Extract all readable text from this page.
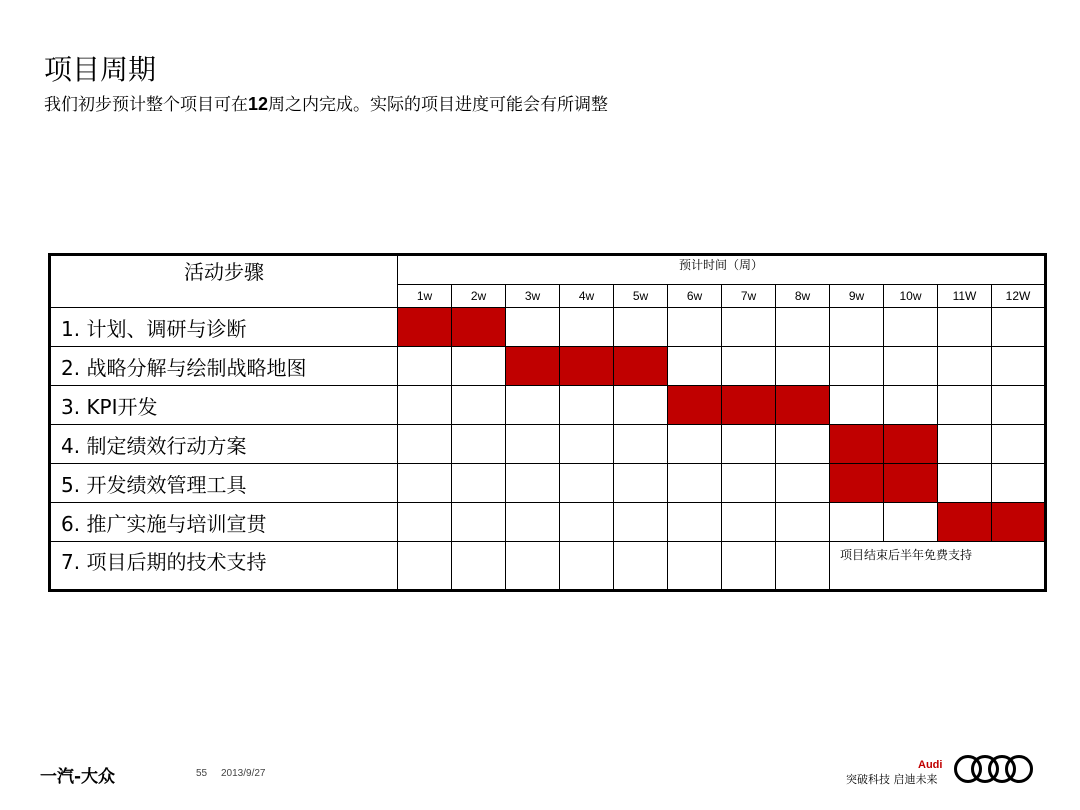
项目周期
我们初步预计整个项目可在12周之内完成。实际的项目进度可能会有所调整
活动步骤	预计时间（周）											
	1w	2w	3w	4w	5w	6w	7w	8w	9w	10w	11W	12W
1. 计划、调研与诊断												
2. 战略分解与绘制战略地图												
3. KPI开发												
4. 制定绩效行动方案												
5. 开发绩效管理工具												
6. 推广实施与培训宣贯												
7. 项目后期的技术支持									项目结束后半年免费支持			
一汽-大众	55 2013/9/27
Audi
突破科技 启迪未来
